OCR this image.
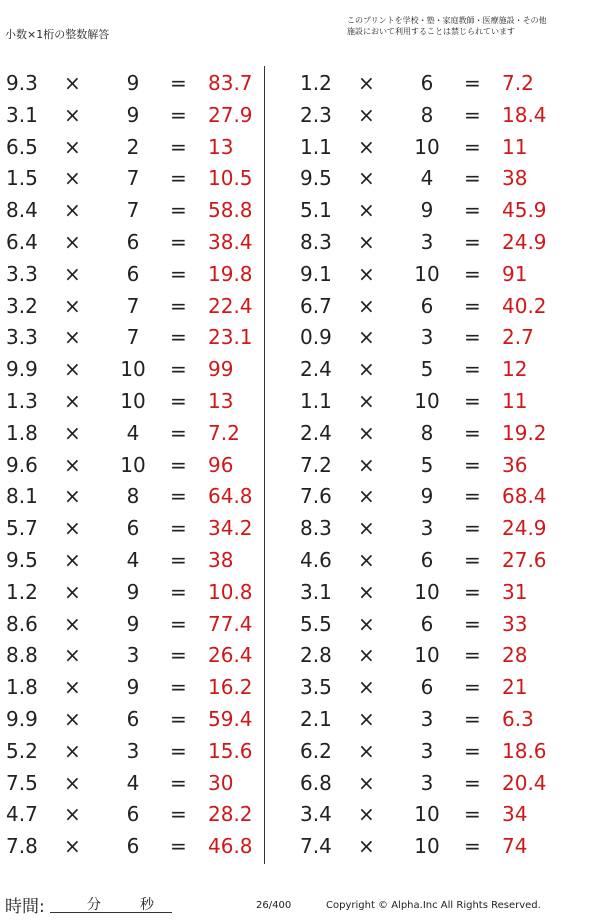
小数×1桁の整数解答
このプリントを学校・塾・家庭教師・医療施設・その他
施設において利用することは禁じられています
9.3 ×	9	= 83.7
3.1 ×	9	= 27.9
6.5 ×	2	= 13
1.5 ×	7	= 10.5
8.4 ×	7	= 58.8
6.4 ×	6	= 38.4
3.3 ×	6	= 19.8
3.2 ×	7	= 22.4
3.3 ×	7	= 23.1
9.9 × 10 = 99
1.3 × 10 = 13
1.8 ×	4	= 7.2
9.6 × 10 = 96
8.1 ×	8	= 64.8
5.7 ×	6	= 34.2
9.5 ×	4	= 38
1.2 ×	9	= 10.8
8.6 ×	9	= 77.4
8.8 ×	3	= 26.4
1.8 ×	9	= 16.2
9.9 ×	6	= 59.4
5.2 ×	3	= 15.6
7.5 ×	4	= 30
4.7 ×	6	= 28.2
7.8 ×	6	= 46.8
1.2 ×	6	= 7.2
2.3 ×	8	= 18.4
1.1 × 10 = 11
9.5 ×	4	= 38
5.1 ×	9	= 45.9
8.3 ×	3	= 24.9
9.1 × 10 = 91
6.7 ×	6	= 40.2
0.9 ×	3	= 2.7
2.4 ×	5	= 12
1.1 × 10 = 11
2.4 ×	8	= 19.2
7.2 ×	5	= 36
7.6 ×	9	= 68.4
8.3 ×	3	= 24.9
4.6 ×	6	= 27.6
3.1 × 10 = 31
5.5 ×	6	= 33
2.8 × 10 = 28
3.5 ×	6	= 21
2.1 ×	3	= 6.3
6.2 ×	3	= 18.6
6.8 ×	3	= 20.4
3.4 × 10 = 34
7.4 × 10 = 74
時間:	分	秒	26/400	Copyright © Alpha.Inc All Rights Reserved.
